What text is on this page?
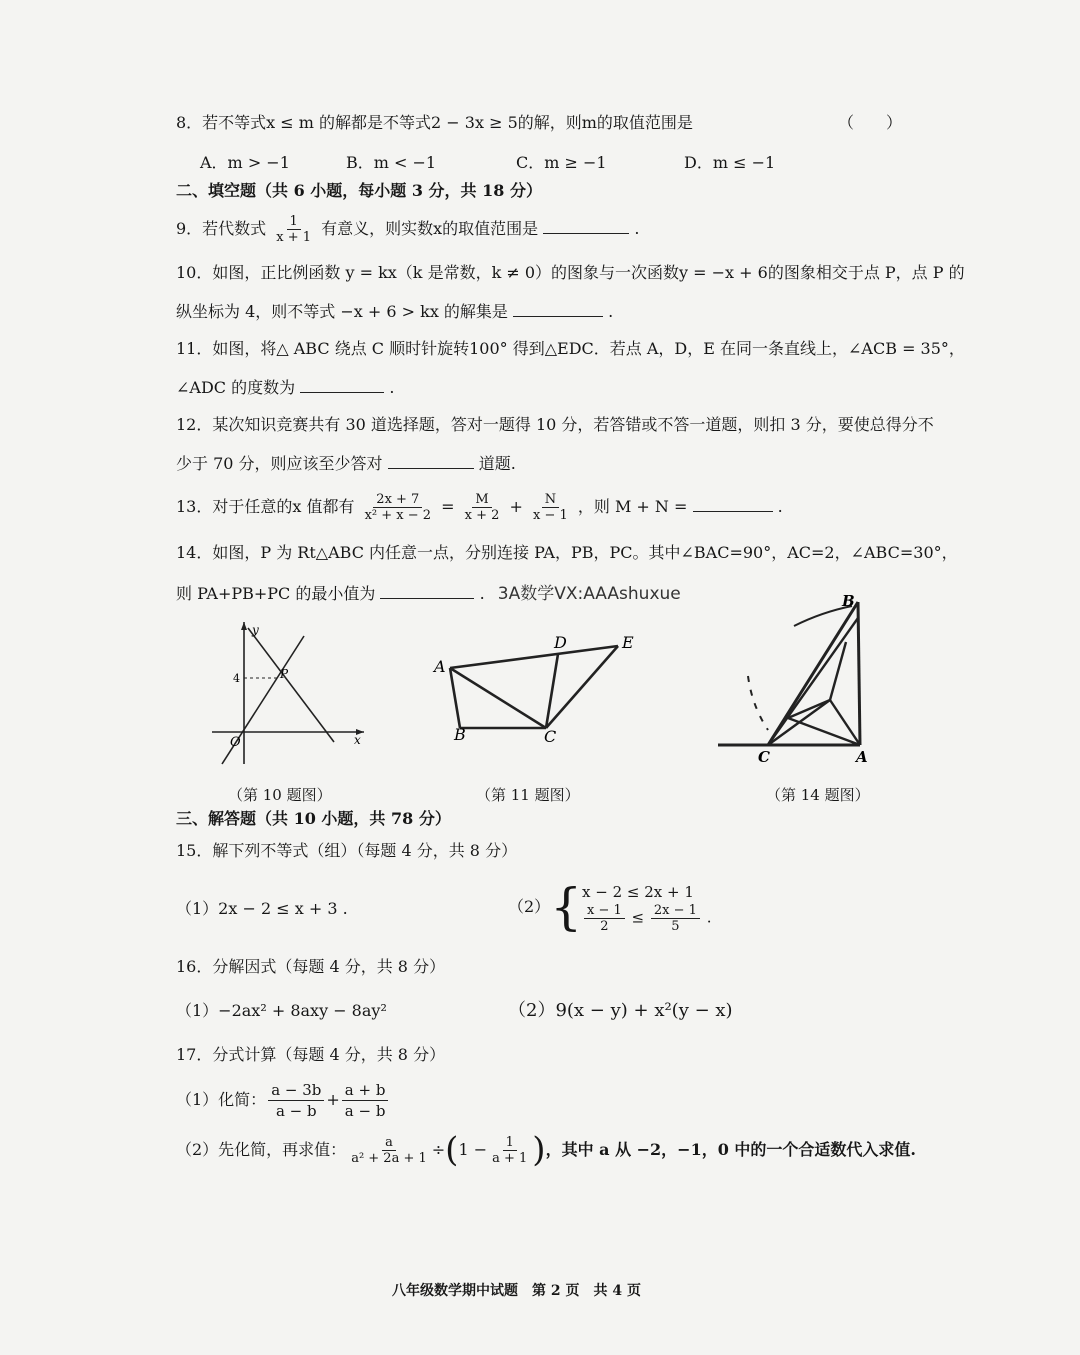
8．若不等式x ≤ m 的解都是不等式2 − 3x ≥ 5的解，则m的取值范围是	（　　）
A．m > −1	B．m < −1	C．m ≥ −1	D．m ≤ −1
二、填空题（共 6 小题，每小题 3 分，共 18 分）
9．若代数式 $\frac{1}{x + 1}$ 有意义，则实数x的取值范围是	.
10．如图，正比例函数 y = kx（k 是常数，k ≠ 0）的图象与一次函数y = −x + 6的图象相交于点 P，点 P 的
纵坐标为 4，则不等式 −x + 6 > kx 的解集是	.
11．如图，将△ ABC 绕点 C 顺时针旋转100° 得到△EDC．若点 A，D，E 在同一条直线上，∠ACB = 35°，
∠ADC 的度数为	.
12．某次知识竞赛共有 30 道选择题，答对一题得 10 分，若答错或不答一道题，则扣 3 分，要使总得分不
少于 70 分，则应该至少答对	道题.
13．对于任意的x 值都有 $\frac{2x + 7}{\text{x² + x − 2}} = \frac{M}{x + 2} + \frac{N}{x - 1}$ ，则 M + N =	.
14．如图，P 为 Rt△ABC 内任意一点，分别连接 PA，PB，PC。其中∠BAC=90°，AC=2，∠ABC=30°，
则 PA+PB+PC 的最小值为	. 3A数学VX:AAAshuxue
y
x
O
4	P
（第 10 题图）
A
B	C
D	E
（第 11 题图）
B
C	A
（第 14 题图）
三、解答题（共 10 小题，共 78 分）
15．解下列不等式（组）（每题 4 分，共 8 分）
（1）2x − 2 ≤ x + 3 .	（2） { x − 2 ≤ 2x + 1
$\frac{x - 1}{2} \le \frac{2x - 1}{5}$ .
16．分解因式（每题 4 分，共 8 分）
（1）−2ax² + 8axy − 8ay²	（2）9(x − y) + x²(y − x)
17．分式计算（每题 4 分，共 8 分）
（1）化简： $\frac{a - 3b}{a - b} + \frac{a + b}{a - b}$
（2）先化简，再求值： $\frac{a}{\text{a² + 2a + 1}}$ ÷ ( $1 - \frac{1}{a + 1}$ ) ，其中 a 从 −2，−1，0 中的一个合适数代入求值.
八年级数学期中试题　第 2 页　共 4 页
